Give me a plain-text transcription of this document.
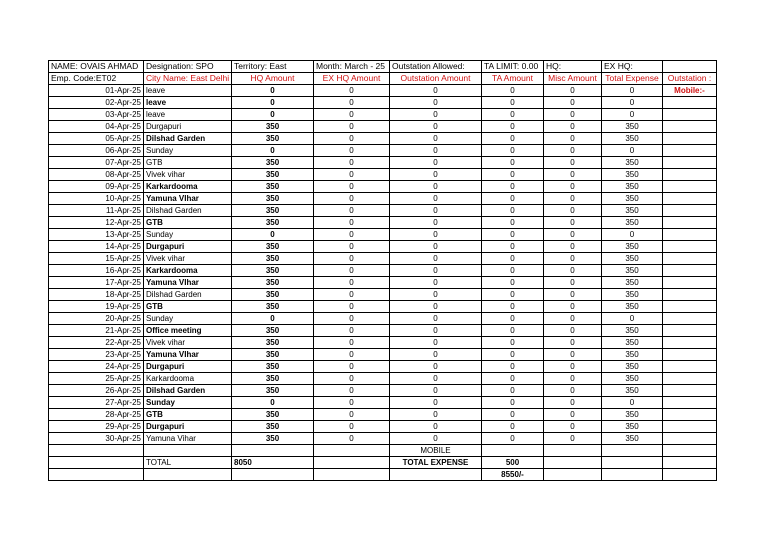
NAME: OVAIS AHMAD	Designation: SPO	Territory: East	Month: March - 25	Outstation Allowed:	TA LIMIT: 0.00	HQ:	EX HQ:	
Emp. Code:ET02	City Name: East Delhi	HQ Amount	EX HQ Amount	Outstation Amount	TA Amount	Misc Amount	Total Expense	Outstation :
01-Apr-25	leave	0	0	0	0	0	0	Mobile:-
02-Apr-25	leave	0	0	0	0	0	0	
03-Apr-25	leave	0	0	0	0	0	0	
04-Apr-25	Durgapuri	350	0	0	0	0	350	
05-Apr-25	Dilshad Garden	350	0	0	0	0	350	
06-Apr-25	Sunday	0	0	0	0	0	0	
07-Apr-25	GTB	350	0	0	0	0	350	
08-Apr-25	Vivek vihar	350	0	0	0	0	350	
09-Apr-25	Karkardooma	350	0	0	0	0	350	
10-Apr-25	Yamuna VIhar	350	0	0	0	0	350	
11-Apr-25	Dilshad Garden	350	0	0	0	0	350	
12-Apr-25	GTB	350	0	0	0	0	350	
13-Apr-25	Sunday	0	0	0	0	0	0	
14-Apr-25	Durgapuri	350	0	0	0	0	350	
15-Apr-25	Vivek vihar	350	0	0	0	0	350	
16-Apr-25	Karkardooma	350	0	0	0	0	350	
17-Apr-25	Yamuna VIhar	350	0	0	0	0	350	
18-Apr-25	Dilshad Garden	350	0	0	0	0	350	
19-Apr-25	GTB	350	0	0	0	0	350	
20-Apr-25	Sunday	0	0	0	0	0	0	
21-Apr-25	Office meeting	350	0	0	0	0	350	
22-Apr-25	Vivek vihar	350	0	0	0	0	350	
23-Apr-25	Yamuna VIhar	350	0	0	0	0	350	
24-Apr-25	Durgapuri	350	0	0	0	0	350	
25-Apr-25	Karkardooma	350	0	0	0	0	350	
26-Apr-25	Dilshad Garden	350	0	0	0	0	350	
27-Apr-25	Sunday	0	0	0	0	0	0	
28-Apr-25	GTB	350	0	0	0	0	350	
29-Apr-25	Durgapuri	350	0	0	0	0	350	
30-Apr-25	Yamuna Vihar	350	0	0	0	0	350	
				MOBILE				
	TOTAL	8050		TOTAL EXPENSE	500			
					8550/-			
